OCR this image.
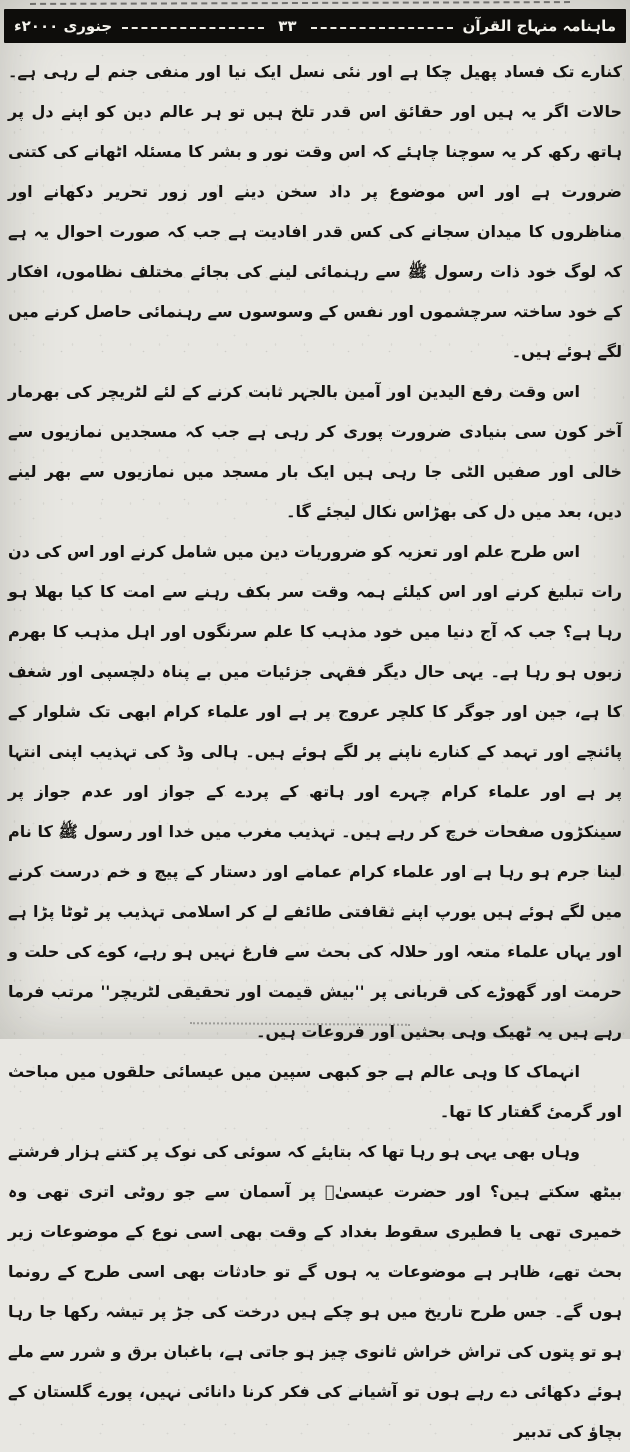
ماہنامہ منہاج القرآن
۳۳
جنوری ۲۰۰۰ء

کنارے تک فساد پھیل چکا ہے اور نئی نسل ایک نیا اور منفی جنم لے رہی ہے۔ حالات اگر یہ ہیں اور حقائق اس قدر تلخ ہیں تو ہر عالم دین کو اپنے دل پر ہاتھ رکھ کر یہ سوچنا چاہئے کہ اس وقت نور و بشر کا مسئلہ اٹھانے کی کتنی ضرورت ہے اور اس موضوع پر داد سخن دینے اور زور تحریر دکھانے اور مناظروں کا میدان سجانے کی کس قدر افادیت ہے جب کہ صورت احوال یہ ہے کہ لوگ خود ذات رسول ﷺ سے رہنمائی لینے کی بجائے مختلف نظاموں، افکار کے خود ساختہ سرچشموں اور نفس کے وسوسوں سے رہنمائی حاصل کرنے میں لگے ہوئے ہیں۔

اس وقت رفع الیدین اور آمین بالجہر ثابت کرنے کے لئے لٹریچر کی بھرمار آخر کون سی بنیادی ضرورت پوری کر رہی ہے جب کہ مسجدیں نمازیوں سے خالی اور صفیں الٹی جا رہی ہیں ایک بار مسجد میں نمازیوں سے بھر لینے دیں، بعد میں دل کی بھڑاس نکال لیجئے گا۔

اس طرح علم اور تعزیہ کو ضروریات دین میں شامل کرنے اور اس کی دن رات تبلیغ کرنے اور اس کیلئے ہمہ وقت سر بکف رہنے سے امت کا کیا بھلا ہو رہا ہے؟ جب کہ آج دنیا میں خود مذہب کا علم سرنگوں اور اہل مذہب کا بھرم زبوں ہو رہا ہے۔ یہی حال دیگر فقہی جزئیات میں بے پناہ دلچسپی اور شغف کا ہے، جین اور جوگر کا کلچر عروج پر ہے اور علماء کرام ابھی تک شلوار کے پائنچے اور تہمد کے کنارے ناپنے پر لگے ہوئے ہیں۔ ہالی وڈ کی تہذیب اپنی انتہا پر ہے اور علماء کرام چہرے اور ہاتھ کے پردے کے جواز اور عدم جواز پر سینکڑوں صفحات خرچ کر رہے ہیں۔ تہذیب مغرب میں خدا اور رسول ﷺ کا نام لینا جرم ہو رہا ہے اور علماء کرام عمامے اور دستار کے پیچ و خم درست کرنے میں لگے ہوئے ہیں یورپ اپنے ثقافتی طائفے لے کر اسلامی تہذیب پر ٹوٹا پڑا ہے اور یہاں علماء متعہ اور حلالہ کی بحث سے فارغ نہیں ہو رہے، کوے کی حلت و حرمت اور گھوڑے کی قربانی پر ''بیش قیمت اور تحقیقی لٹریچر'' مرتب فرما رہے ہیں یہ ٹھیک وہی بحثیں اور فروعات ہیں۔

انہماک کا وہی عالم ہے جو کبھی سپین میں عیسائی حلقوں میں مباحث اور گرمیٔ گفتار کا تھا۔

وہاں بھی یہی ہو رہا تھا کہ بتایئے کہ سوئی کی نوک پر کتنے ہزار فرشتے بیٹھ سکتے ہیں؟ اور حضرت عیسیٰؑ پر آسمان سے جو روٹی اتری تھی وہ خمیری تھی یا فطیری سقوط بغداد کے وقت بھی اسی نوع کے موضوعات زیر بحث تھے، ظاہر ہے موضوعات یہ ہوں گے تو حادثات بھی اسی طرح کے رونما ہوں گے۔ جس طرح تاریخ میں ہو چکے ہیں درخت کی جڑ پر تیشہ رکھا جا رہا ہو تو پتوں کی تراش خراش ثانوی چیز ہو جاتی ہے، باغبان برق و شرر سے ملے ہوئے دکھائی دے رہے ہوں تو آشیانے کی فکر کرنا دانائی نہیں، پورے گلستان کے بچاؤ کی تدبیر
